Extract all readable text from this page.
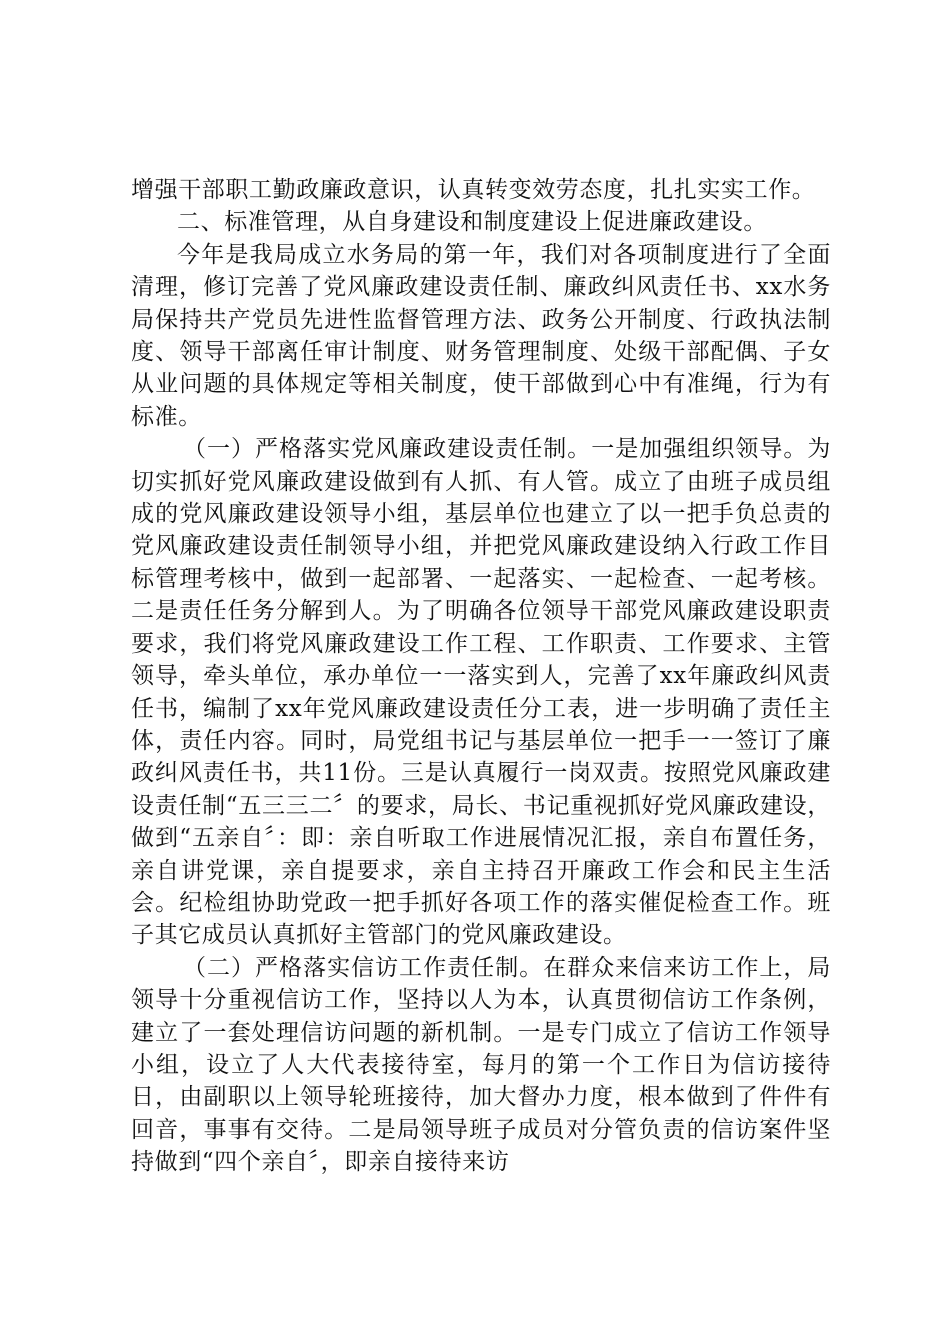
增强干部职工勤政廉政意识，认真转变效劳态度，扎扎实实工作。

二、标准管理，从自身建设和制度建设上促进廉政建设。

今年是我局成立水务局的第一年，我们对各项制度进行了全面清理，修订完善了党风廉政建设责任制、廉政纠风责任书、xx水务局保持共产党员先进性监督管理方法、政务公开制度、行政执法制度、领导干部离任审计制度、财务管理制度、处级干部配偶、子女从业问题的具体规定等相关制度，使干部做到心中有准绳，行为有标准。

（一）严格落实党风廉政建设责任制。一是加强组织领导。为切实抓好党风廉政建设做到有人抓、有人管。成立了由班子成员组成的党风廉政建设领导小组，基层单位也建立了以一把手负总责的党风廉政建设责任制领导小组，并把党风廉政建设纳入行政工作目标管理考核中，做到一起部署、一起落实、一起检查、一起考核。二是责任任务分解到人。为了明确各位领导干部党风廉政建设职责要求，我们将党风廉政建设工作工程、工作职责、工作要求、主管领导，牵头单位，承办单位一一落实到人，完善了xx年廉政纠风责任书，编制了xx年党风廉政建设责任分工表，进一步明确了责任主体，责任内容。同时，局党组书记与基层单位一把手一一签订了廉政纠风责任书，共11份。三是认真履行一岗双责。按照党风廉政建设责任制“五三三二〞的要求，局长、书记重视抓好党风廉政建设，做到“五亲自〞：即：亲自听取工作进展情况汇报，亲自布置任务，亲自讲党课，亲自提要求，亲自主持召开廉政工作会和民主生活会。纪检组协助党政一把手抓好各项工作的落实催促检查工作。班子其它成员认真抓好主管部门的党风廉政建设。

（二）严格落实信访工作责任制。在群众来信来访工作上，局领导十分重视信访工作，坚持以人为本，认真贯彻信访工作条例，建立了一套处理信访问题的新机制。一是专门成立了信访工作领导小组，设立了人大代表接待室，每月的第一个工作日为信访接待日，由副职以上领导轮班接待，加大督办力度，根本做到了件件有回音，事事有交待。二是局领导班子成员对分管负责的信访案件坚持做到“四个亲自〞，即亲自接待来访
